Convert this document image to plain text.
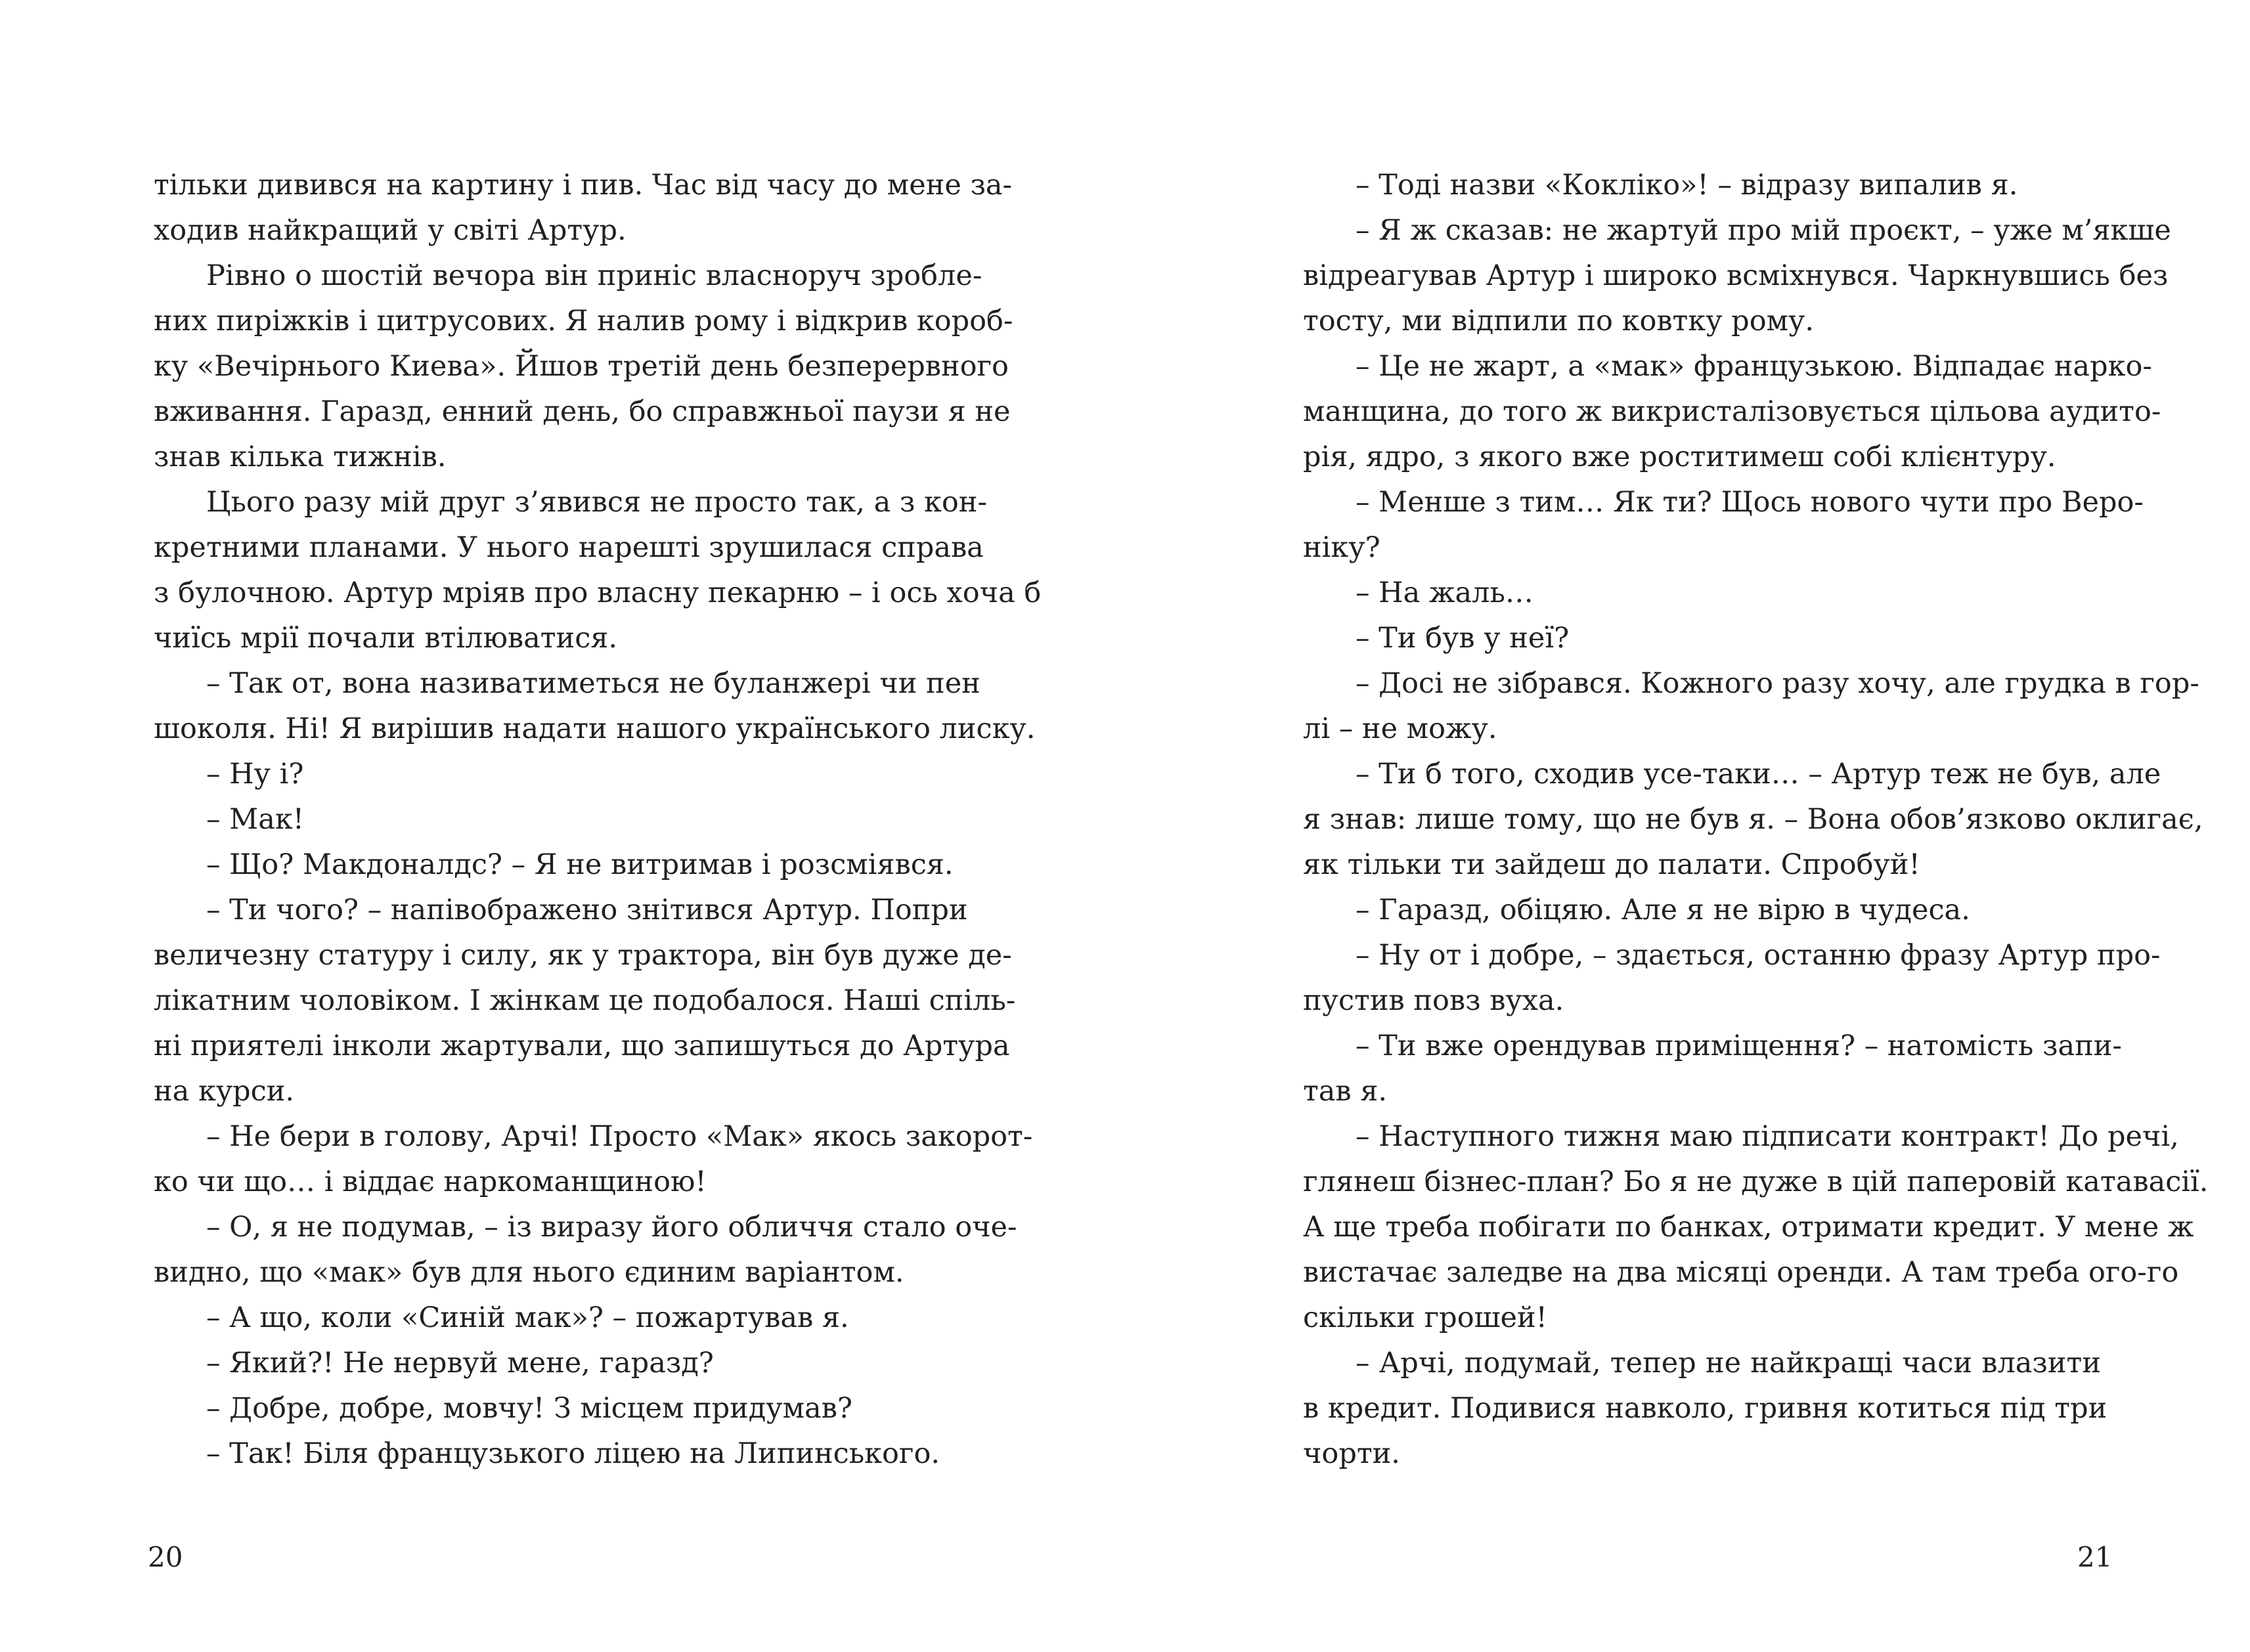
тільки дивився на картину і пив. Час від часу до мене за-
ходив найкращий у світі Артур.
Рівно о шостій вечора він приніс власноруч зроблe-
них пиріжків і цитрусових. Я налив рому і відкрив короб-
ку «Вечірнього Киева». Йшов третій день безперервного
вживання. Гаразд, енний день, бо справжньої паузи я не
знав кілька тижнів.
Цього разу мій друг з’явився не просто так, а з кон-
кретними планами. У нього нарешті зрушилася справа
з булочною. Артур мріяв про власну пекарню – і ось хоча б
чиїсь мрії почали втілюватися.
– Так от, вона називатиметься не буланжері чи пен
шоколя. Ні! Я вирішив надати нашого українського лиску.
– Ну і?
– Мак!
– Що? Макдоналдс? – Я не витримав і розсміявся.
– Ти чого? – напівображено знітився Артур. Попри
величезну статуру і силу, як у трактора, він був дуже де-
лікатним чоловіком. І жінкам це подобалося. Наші спіль-
ні приятелі інколи жартували, що запишуться до Артура
на курси.
– Не бери в голову, Арчі! Просто «Мак» якось закорот-
ко чи що… і віддає наркоманщиною!
– О, я не подумав, – із виразу його обличчя стало оче-
видно, що «мак» був для нього єдиним варіантом.
– А що, коли «Синій мак»? – пожартував я.
– Який?! Не нервуй мене, гаразд?
– Добре, добре, мовчу! З місцем придумав?
– Так! Біля французького ліцею на Липинського.
20
– Тоді назви «Кокліко»! – відразу випалив я.
– Я ж сказав: не жартуй про мій проєкт, – уже м’якше
відреагував Артур і широко всміхнувся. Чаркнувшись без
тосту, ми відпили по ковтку рому.
– Це не жарт, а «мак» французькою. Відпадає нарко-
манщина, до того ж викристалізовується цільова аудито-
рія, ядро, з якого вже роститимеш собі клієнтуру.
– Менше з тим… Як ти? Щось нового чути про Веро-
ніку?
– На жаль…
– Ти був у неї?
– Досі не зібрався. Кожного разу хочу, але грудка в гор-
лі – не можу.
– Ти б того, сходив усе-таки… – Артур теж не був, але
я знав: лише тому, що не був я. – Вона обов’язково оклигає,
як тільки ти зайдеш до палати. Спробуй!
– Гаразд, обіцяю. Але я не вірю в чудеса.
– Ну от і добре, – здається, останню фразу Артур про-
пустив повз вуха.
– Ти вже орендував приміщення? – натомість запи-
тав я.
– Наступного тижня маю підписати контракт! До речі,
глянеш бізнес-план? Бо я не дуже в цій паперовій катавасії.
А ще треба побігати по банках, отримати кредит. У мене ж
вистачає заледве на два місяці оренди. А там треба ого-го
скільки грошей!
– Арчі, подумай, тепер не найкращі часи влазити
в кредит. Подивися навколо, гривня котиться під три
чорти.
21
